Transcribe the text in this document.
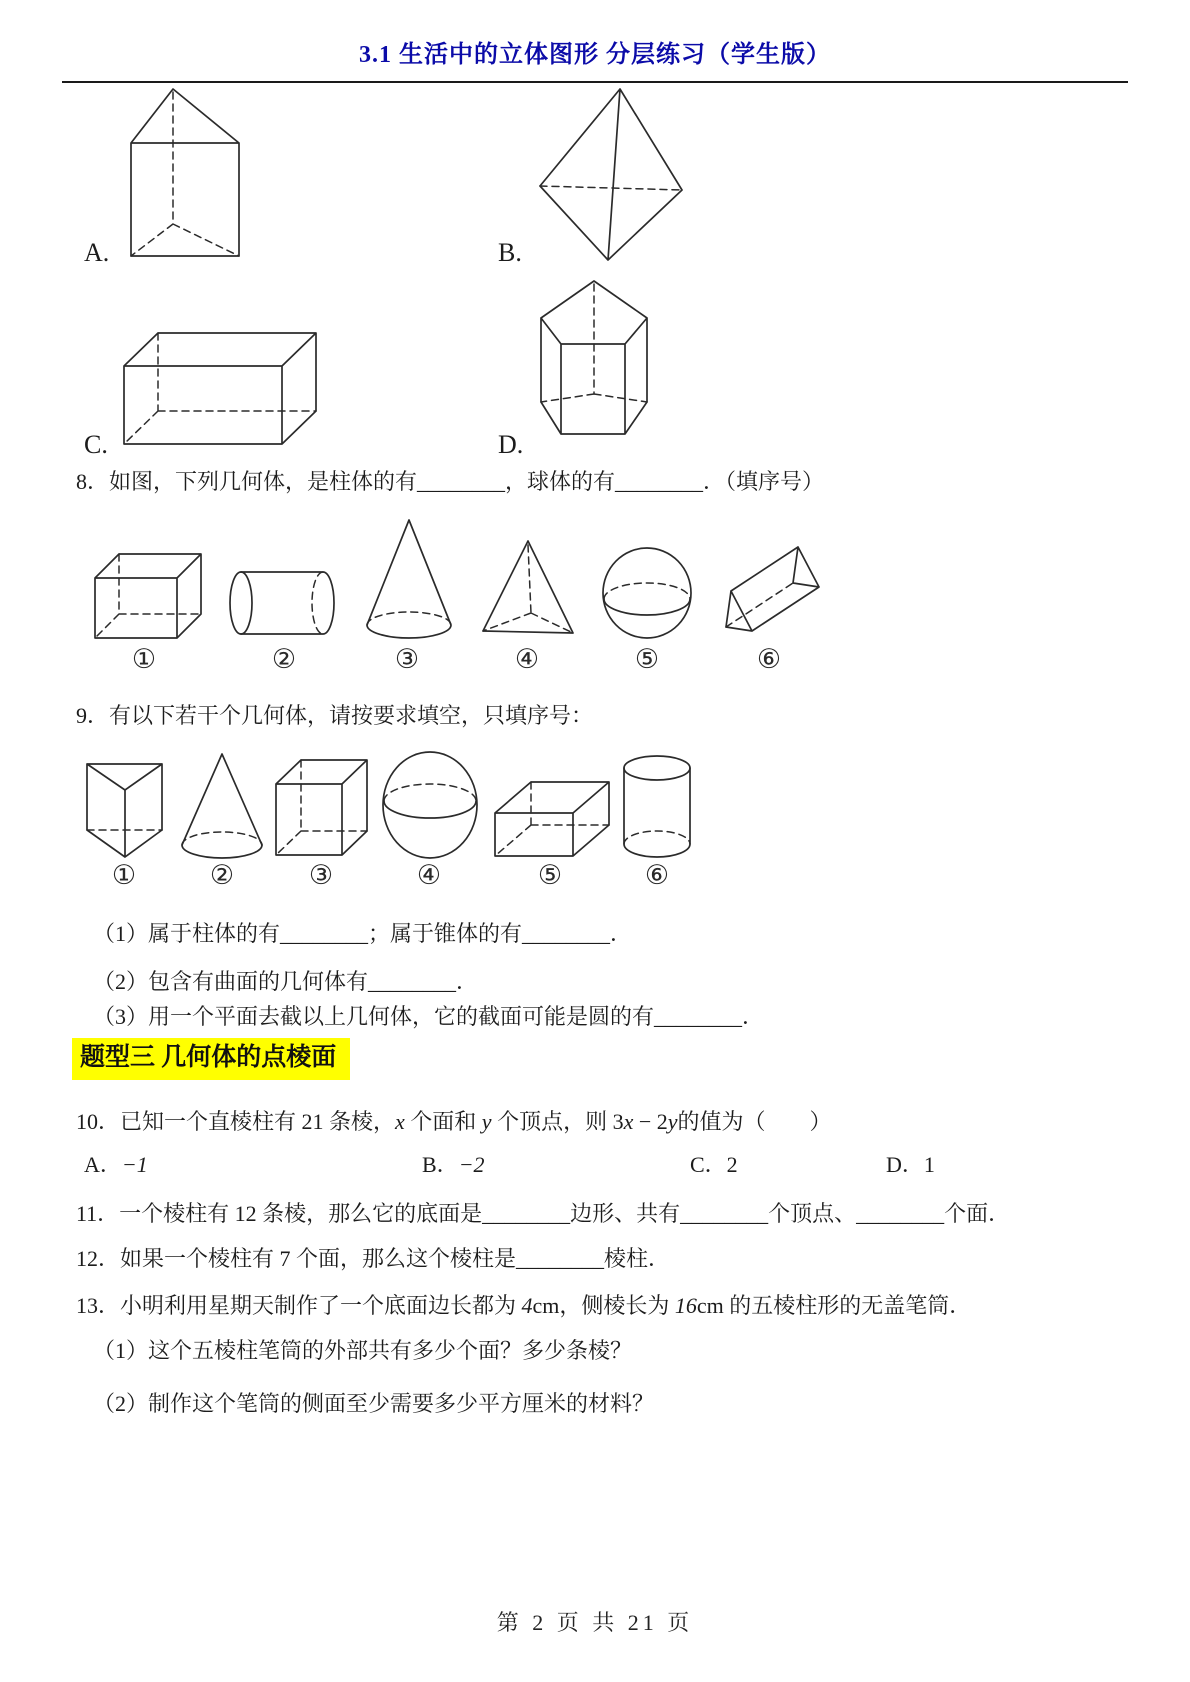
3.1 生活中的立体图形 分层练习（学生版）
A.	B.
C.	D.
8．如图，下列几何体，是柱体的有________，球体的有________．（填序号）
①	②	③	④	⑤	⑥
9．有以下若干个几何体，请按要求填空，只填序号：
①	②	③	④	⑤	⑥
（1）属于柱体的有________；属于锥体的有________．
（2）包含有曲面的几何体有________．
（3）用一个平面去截以上几何体，它的截面可能是圆的有________．
题型三 几何体的点棱面
10．已知一个直棱柱有 21 条棱，x 个面和 y 个顶点，则 3x − 2y的值为（　　）
A．−1	B．−2	C．2	D．1
11．一个棱柱有 12 条棱，那么它的底面是________边形、共有________个顶点、________个面．
12．如果一个棱柱有 7 个面，那么这个棱柱是________棱柱．
13．小明利用星期天制作了一个底面边长都为 4cm，侧棱长为 16cm 的五棱柱形的无盖笔筒．
（1）这个五棱柱笔筒的外部共有多少个面？多少条棱？
（2）制作这个笔筒的侧面至少需要多少平方厘米的材料？
第 2 页 共 21 页
